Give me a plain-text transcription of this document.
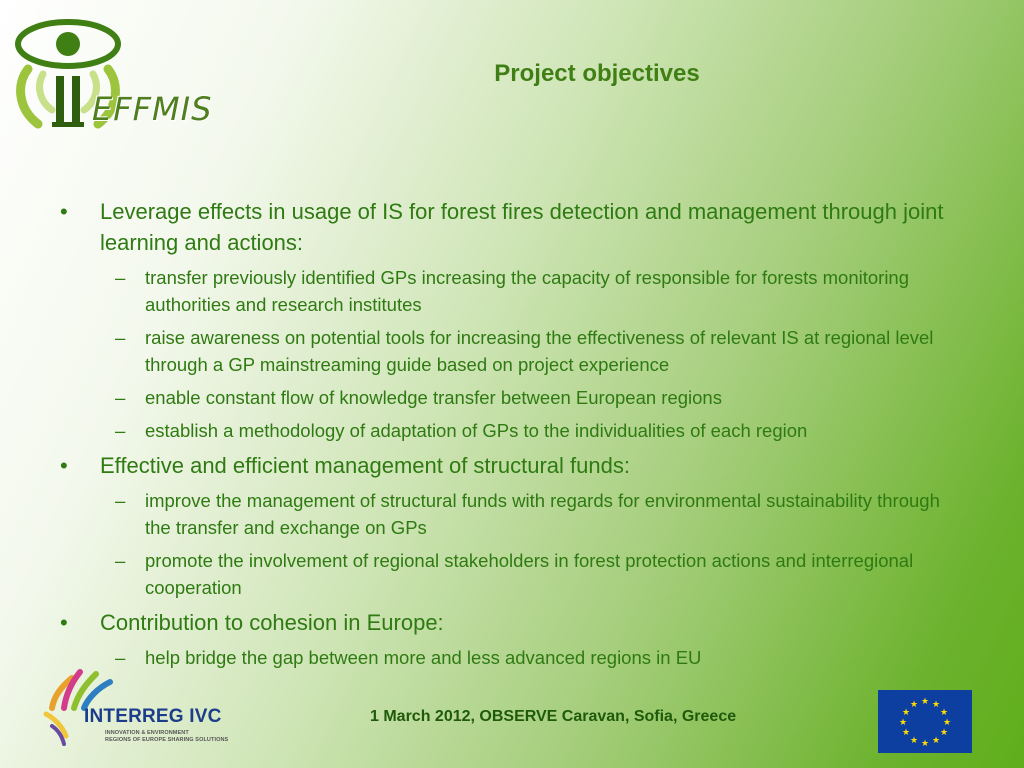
EFFMIS
Project objectives
•	Leverage effects in usage of IS for forest fires detection and management through joint learning and actions:
–	transfer previously identified GPs increasing the capacity of responsible for forests monitoring authorities and research institutes
–	raise awareness on potential tools for increasing the effectiveness of relevant IS at regional level through a GP mainstreaming guide based on project experience
–	enable constant flow of knowledge transfer between European regions
–	establish a methodology of adaptation of GPs to the individualities of each region
•	Effective and efficient management of structural funds:
–	improve the management of structural funds with regards for environmental sustainability through the transfer and exchange on GPs
–	promote the involvement of regional stakeholders in forest protection actions and interregional cooperation
•	Contribution to cohesion in Europe:
–	help bridge the gap between more and less advanced regions in EU
INTERREG IVC
INNOVATION & ENVIRONMENT
REGIONS OF EUROPE SHARING SOLUTIONS
1 March 2012, OBSERVE Caravan, Sofia, Greece
★ ★
★
★
★
★
★
★
★
★
★
★
